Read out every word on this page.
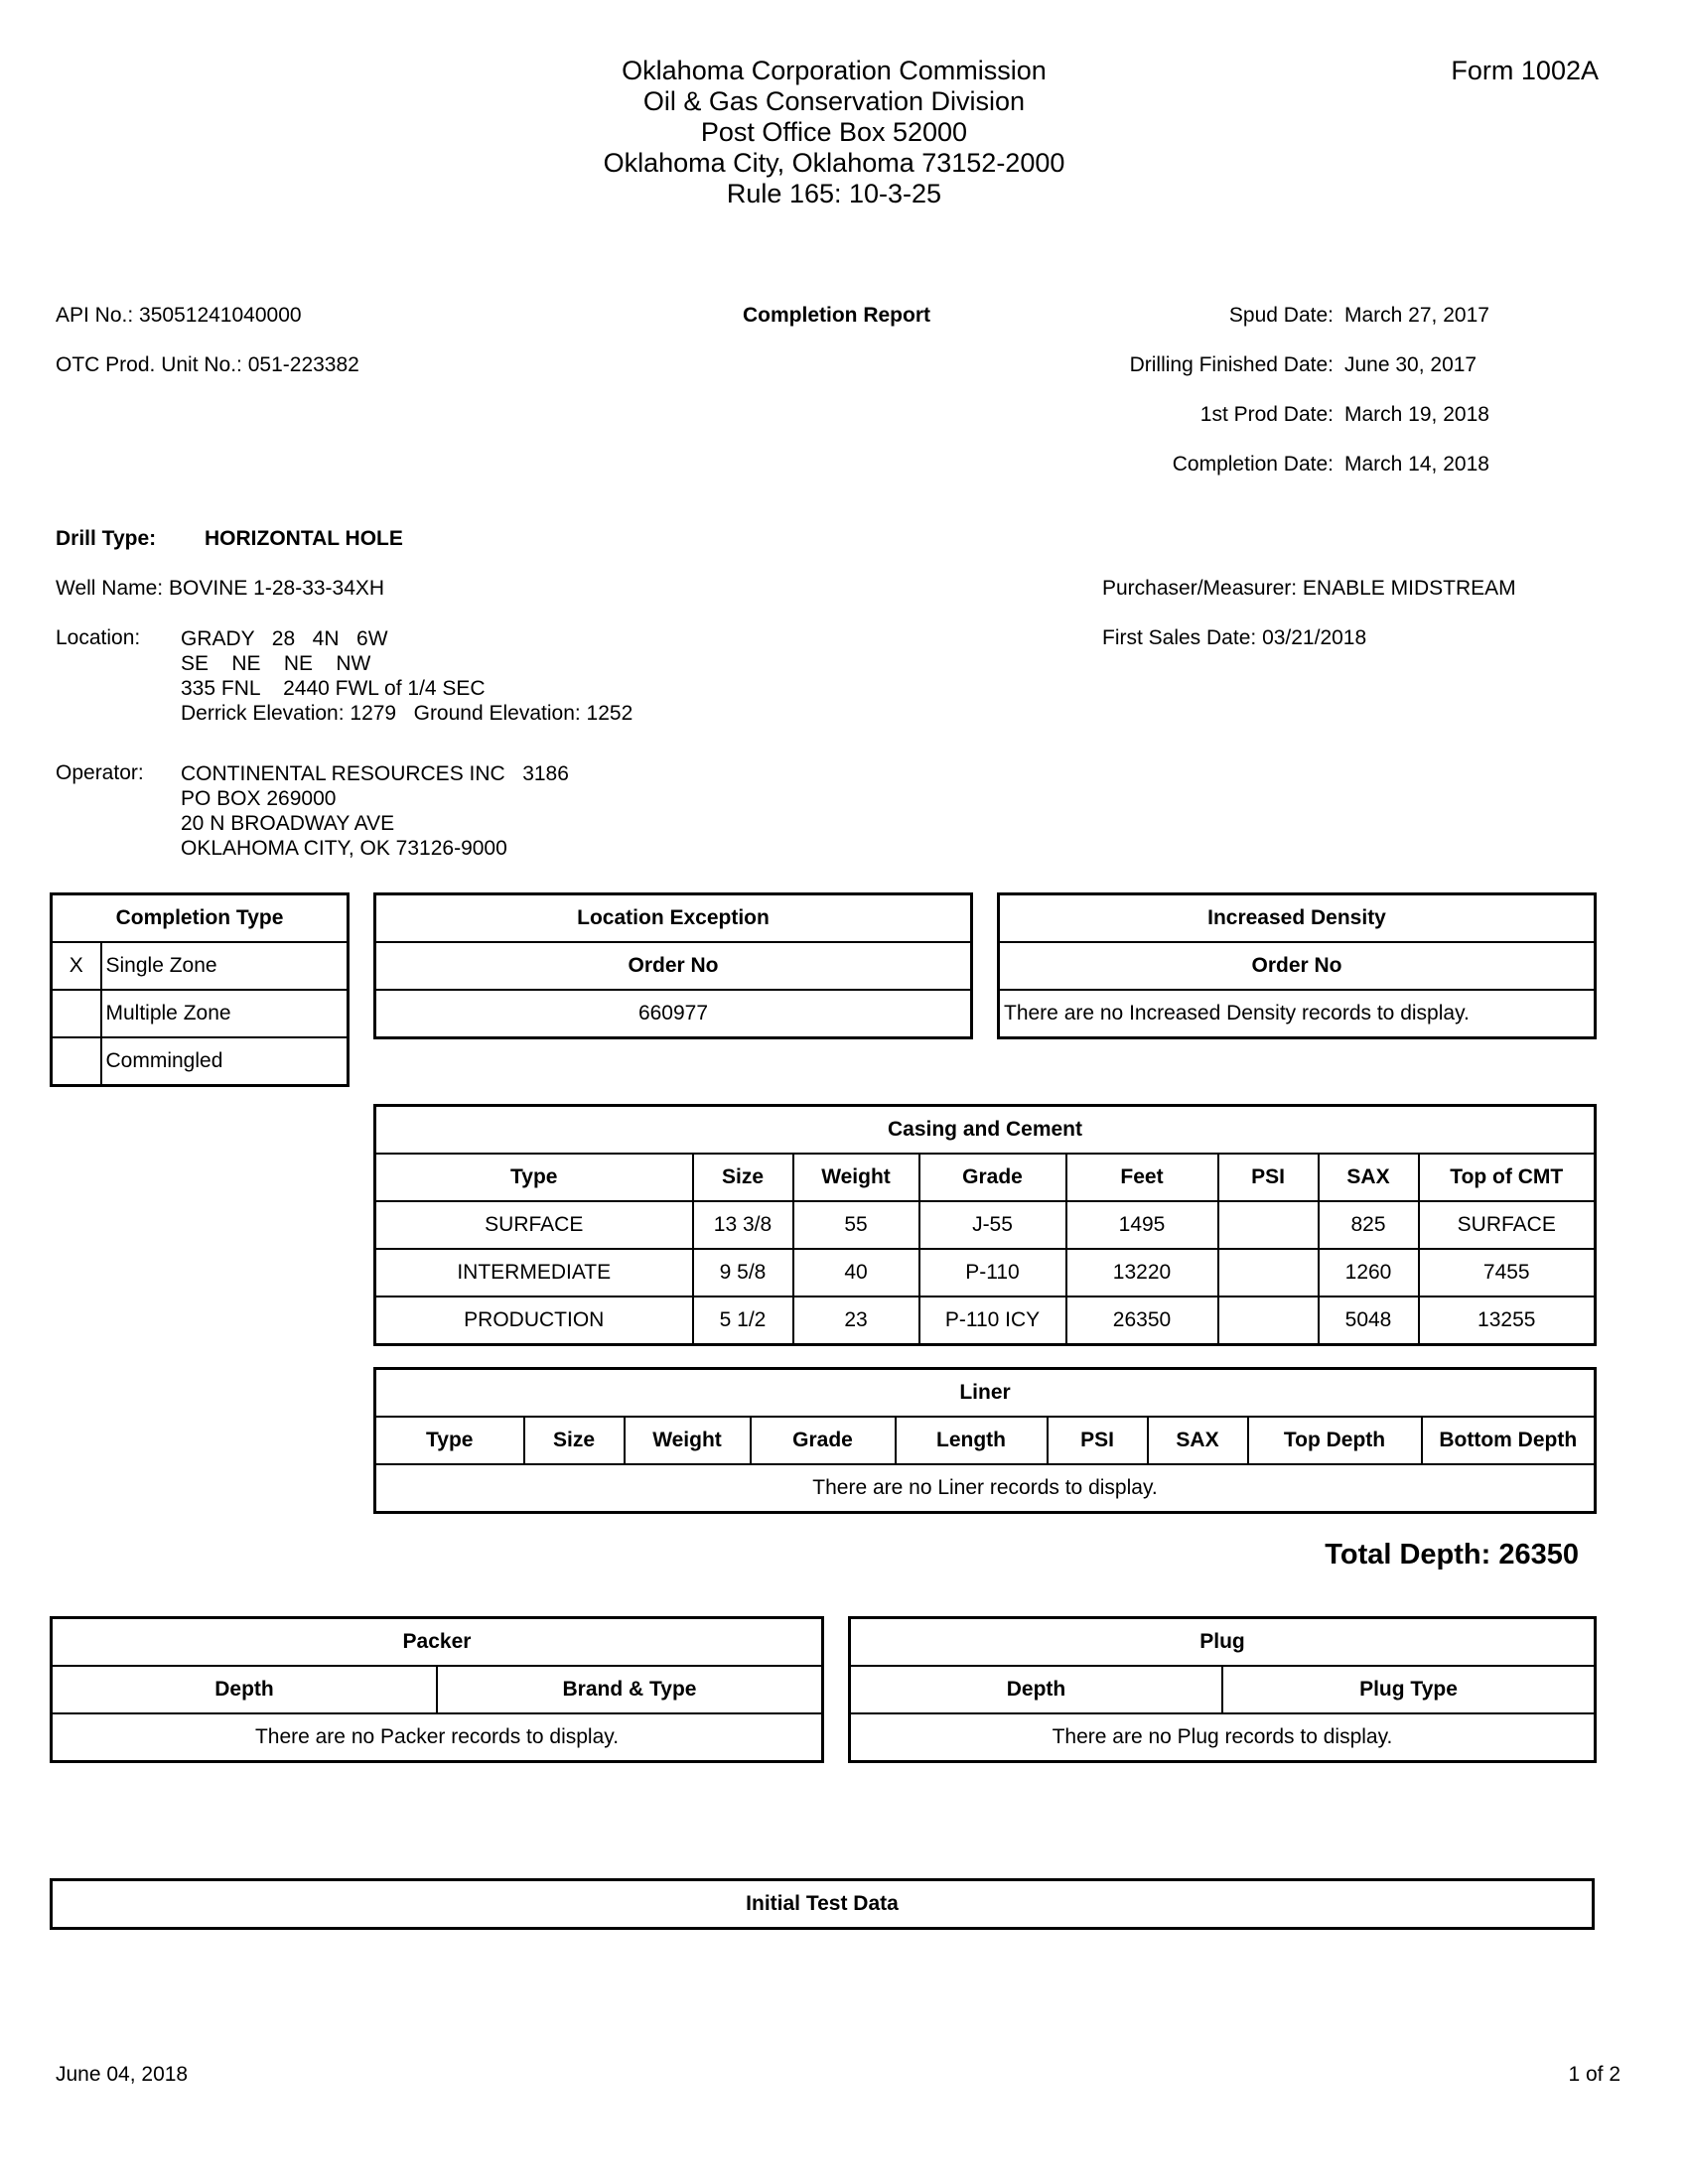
Oklahoma Corporation Commission
Oil & Gas Conservation Division
Post Office Box 52000
Oklahoma City, Oklahoma 73152-2000
Rule 165: 10-3-25
Form 1002A
API No.: 35051241040000
OTC Prod. Unit No.: 051-223382
Completion Report	Spud Date: March 27, 2017
Drilling Finished Date: June 30, 2017
1st Prod Date: March 19, 2018
Completion Date: March 14, 2018
Drill Type: HORIZONTAL HOLE
Well Name: BOVINE 1-28-33-34XH	Purchaser/Measurer: ENABLE MIDSTREAM
First Sales Date: 03/21/2018
Location: GRADY   28   4N   6W
SE    NE    NE    NW
335 FNL    2440 FWL of 1/4 SEC
Derrick Elevation: 1279   Ground Elevation: 1252
Operator: CONTINENTAL RESOURCES INC   3186
PO BOX 269000
20 N BROADWAY AVE
OKLAHOMA CITY, OK 73126-9000
Completion Type	
X	Single Zone
	Multiple Zone
	Commingled
Location Exception
Order No
660977
Increased Density
Order No
There are no Increased Density records to display.
Casing and Cement							
Type	Size	Weight	Grade	Feet	PSI	SAX	Top of CMT
SURFACE	13 3/8	55	J-55	1495		825	SURFACE
INTERMEDIATE	9 5/8	40	P-110	13220		1260	7455
PRODUCTION	5 1/2	23	P-110 ICY	26350		5048	13255
Liner
Type	Size	Weight	Grade	Length	PSI	SAX	Top Depth	Bottom Depth
There are no Liner records to display.
Total Depth: 26350
Packer
Depth	Brand & Type
There are no Packer records to display.
Plug
Depth	Plug Type
There are no Plug records to display.
Initial Test Data
June 04, 2018	1 of 2
